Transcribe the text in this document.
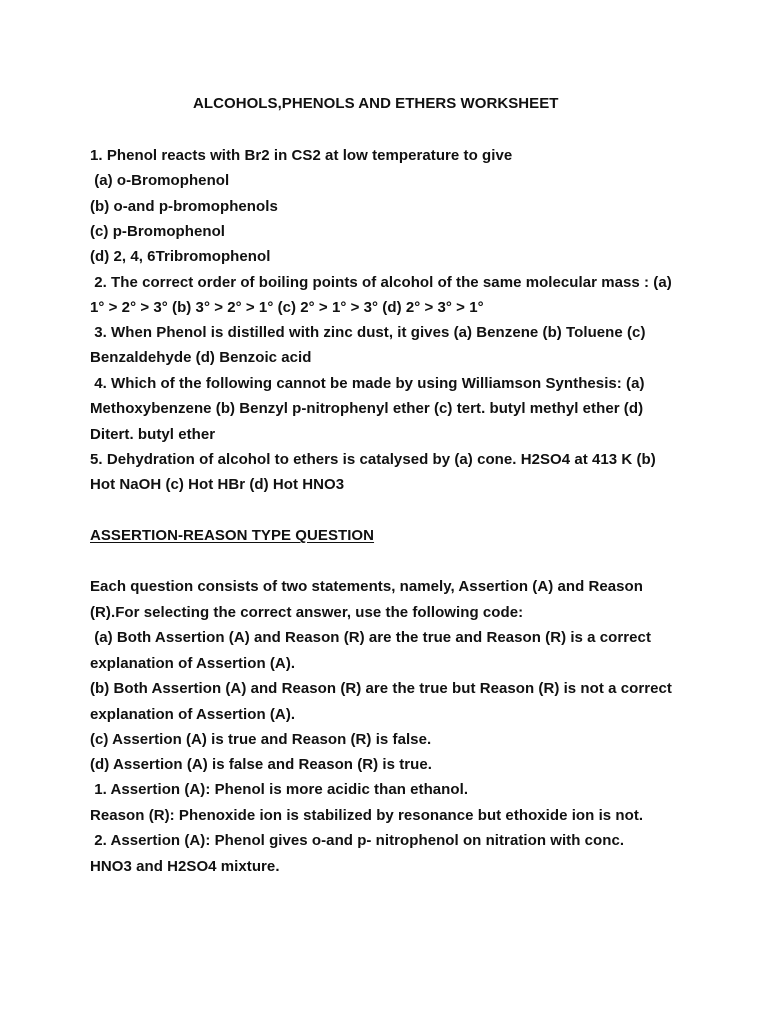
ALCOHOLS,PHENOLS AND ETHERS WORKSHEET
1. Phenol reacts with Br2 in CS2 at low temperature to give
(a) o-Bromophenol
(b) o-and p-bromophenols
(c) p-Bromophenol
(d) 2, 4, 6Tribromophenol
2. The correct order of boiling points of alcohol of the same molecular mass : (a)
1° > 2° > 3° (b) 3° > 2° > 1° (c) 2° > 1° > 3° (d) 2° > 3° > 1°
3. When Phenol is distilled with zinc dust, it gives (a) Benzene (b) Toluene (c)
Benzaldehyde (d) Benzoic acid
4. Which of the following cannot be made by using Williamson Synthesis: (a)
Methoxybenzene (b) Benzyl p-nitrophenyl ether (c) tert. butyl methyl ether (d)
Ditert. butyl ether
5. Dehydration of alcohol to ethers is catalysed by (a) cone. H2SO4 at 413 K (b)
Hot NaOH (c) Hot HBr (d) Hot HNO3
ASSERTION-REASON TYPE QUESTION
Each question consists of two statements, namely, Assertion (A) and Reason
(R).For selecting the correct answer, use the following code:
(a) Both Assertion (A) and Reason (R) are the true and Reason (R) is a correct
explanation of Assertion (A).
(b) Both Assertion (A) and Reason (R) are the true but Reason (R) is not a correct
explanation of Assertion (A).
(c) Assertion (A) is true and Reason (R) is false.
(d) Assertion (A) is false and Reason (R) is true.
1. Assertion (A): Phenol is more acidic than ethanol.
Reason (R): Phenoxide ion is stabilized by resonance but ethoxide ion is not.
2. Assertion (A): Phenol gives o-and p- nitrophenol on nitration with conc.
HNO3 and H2SO4 mixture.
